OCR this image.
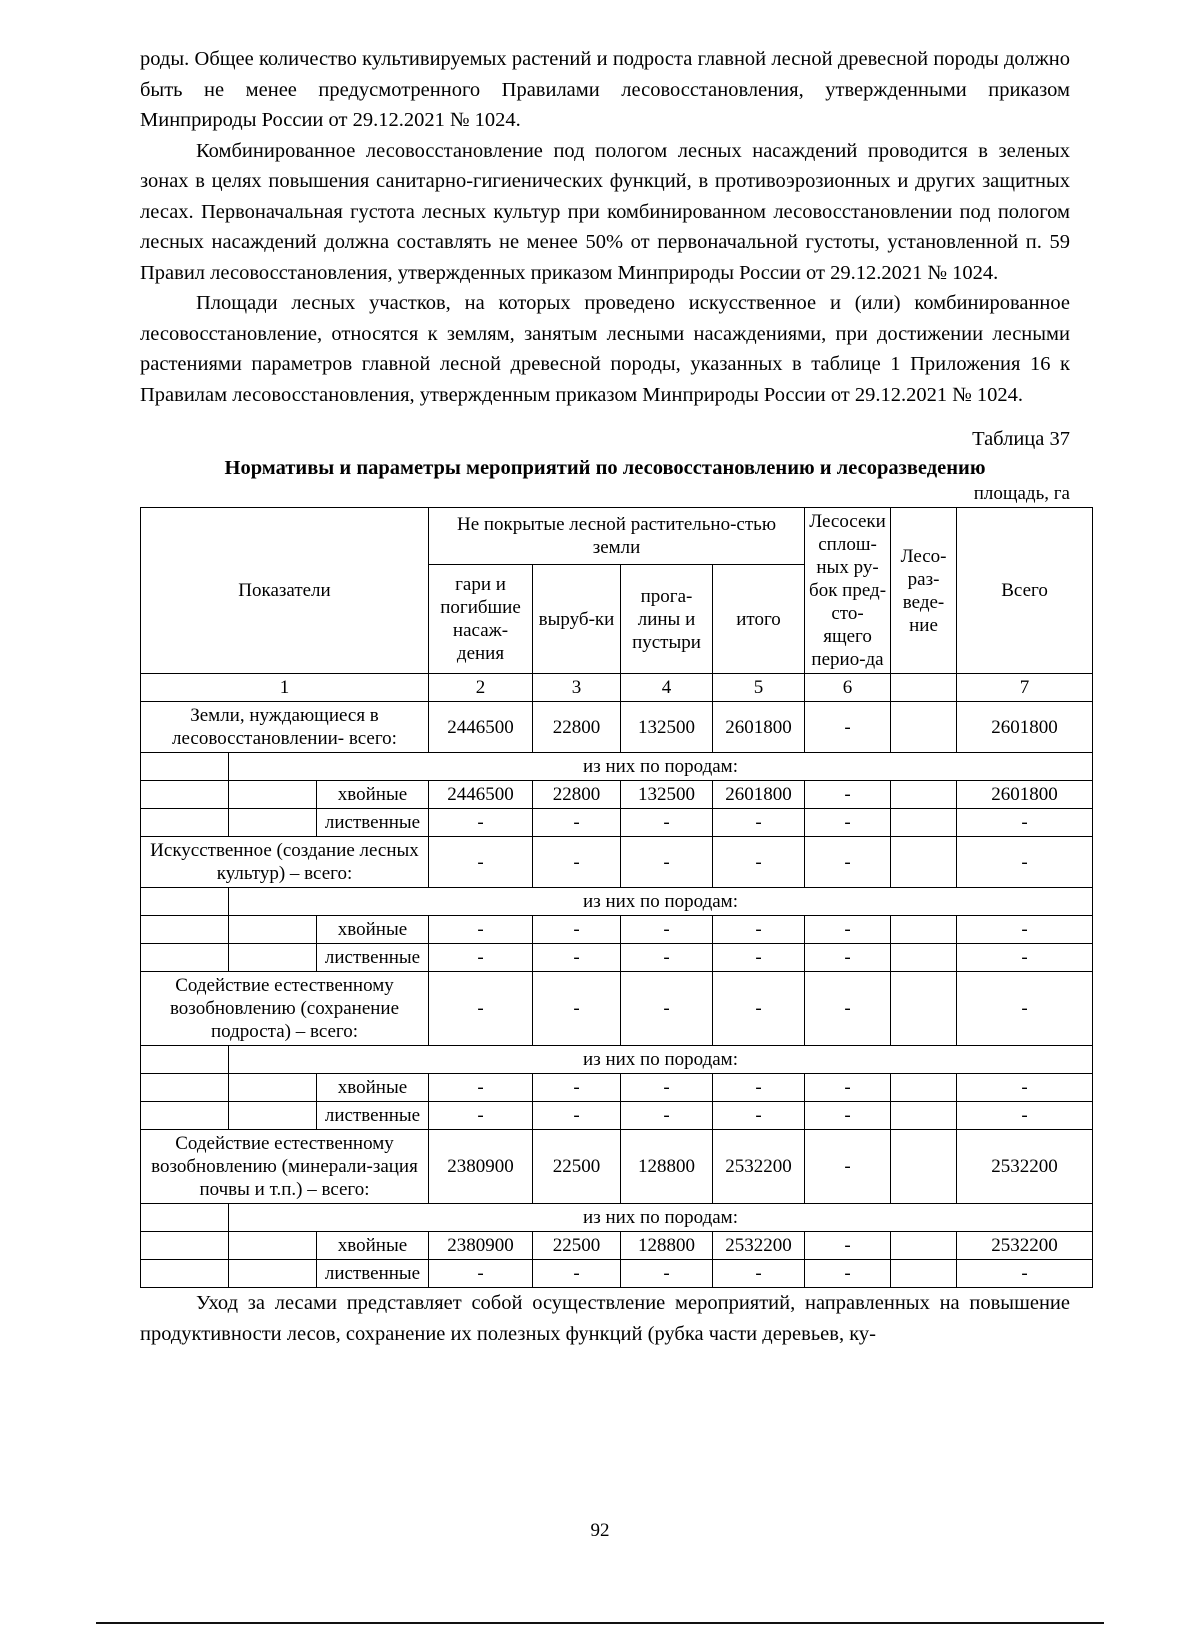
роды. Общее количество культивируемых растений и подроста главной лесной древесной породы должно быть не менее предусмотренного Правилами лесовосстановления, утвержденными приказом Минприроды России от 29.12.2021 № 1024.

Комбинированное лесовосстановление под пологом лесных насаждений проводится в зеленых зонах в целях повышения санитарно-гигиенических функций, в противоэрозионных и других защитных лесах. Первоначальная густота лесных культур при комбинированном лесовосстановлении под пологом лесных насаждений должна составлять не менее 50% от первоначальной густоты, установленной п. 59 Правил лесовосстановления, утвержденных приказом Минприроды России от 29.12.2021 № 1024.

Площади лесных участков, на которых проведено искусственное и (или) комбинированное лесовосстановление, относятся к землям, занятым лесными насаждениями, при достижении лесными растениями параметров главной лесной древесной породы, указанных в таблице 1 Приложения 16 к Правилам лесовосстановления, утвержденным приказом Минприроды России от 29.12.2021 № 1024.

Таблица 37
Нормативы и параметры мероприятий по лесовосстановлению и лесоразведению
площадь, га
Показатели			Не покрытые лесной растительно-стью земли				Лесосеки сплош-ных ру-бок пред-сто-ящего перио-да	Лесо-раз-веде-ние	Всего
			гари и погибшие насаж-дения	выруб-ки	прога-лины и пустыри	итого			
1			2	3	4	5	6		7
Земли, нуждающиеся в лесовосстановлении- всего:			2446500	22800	132500	2601800	-		2601800
	из них по породам:								
		хвойные	2446500	22800	132500	2601800	-		2601800
		лиственные	-	-	-	-	-		-
Искусственное (создание лесных культур) – всего:			-	-	-	-	-		-
	из них по породам:								
		хвойные	-	-	-	-	-		-
		лиственные	-	-	-	-	-		-
Содействие естественному возобновлению (сохранение подроста) – всего:			-	-	-	-	-		-
	из них по породам:								
		хвойные	-	-	-	-	-		-
		лиственные	-	-	-	-	-		-
Содействие естественному возобновлению (минерали-зация почвы и т.п.) – всего:			2380900	22500	128800	2532200	-		2532200
	из них по породам:								
		хвойные	2380900	22500	128800	2532200	-		2532200
		лиственные	-	-	-	-	-		-

Уход за лесами представляет собой осуществление мероприятий, направленных на повышение продуктивности лесов, сохранение их полезных функций (рубка части деревьев, ку-

92
